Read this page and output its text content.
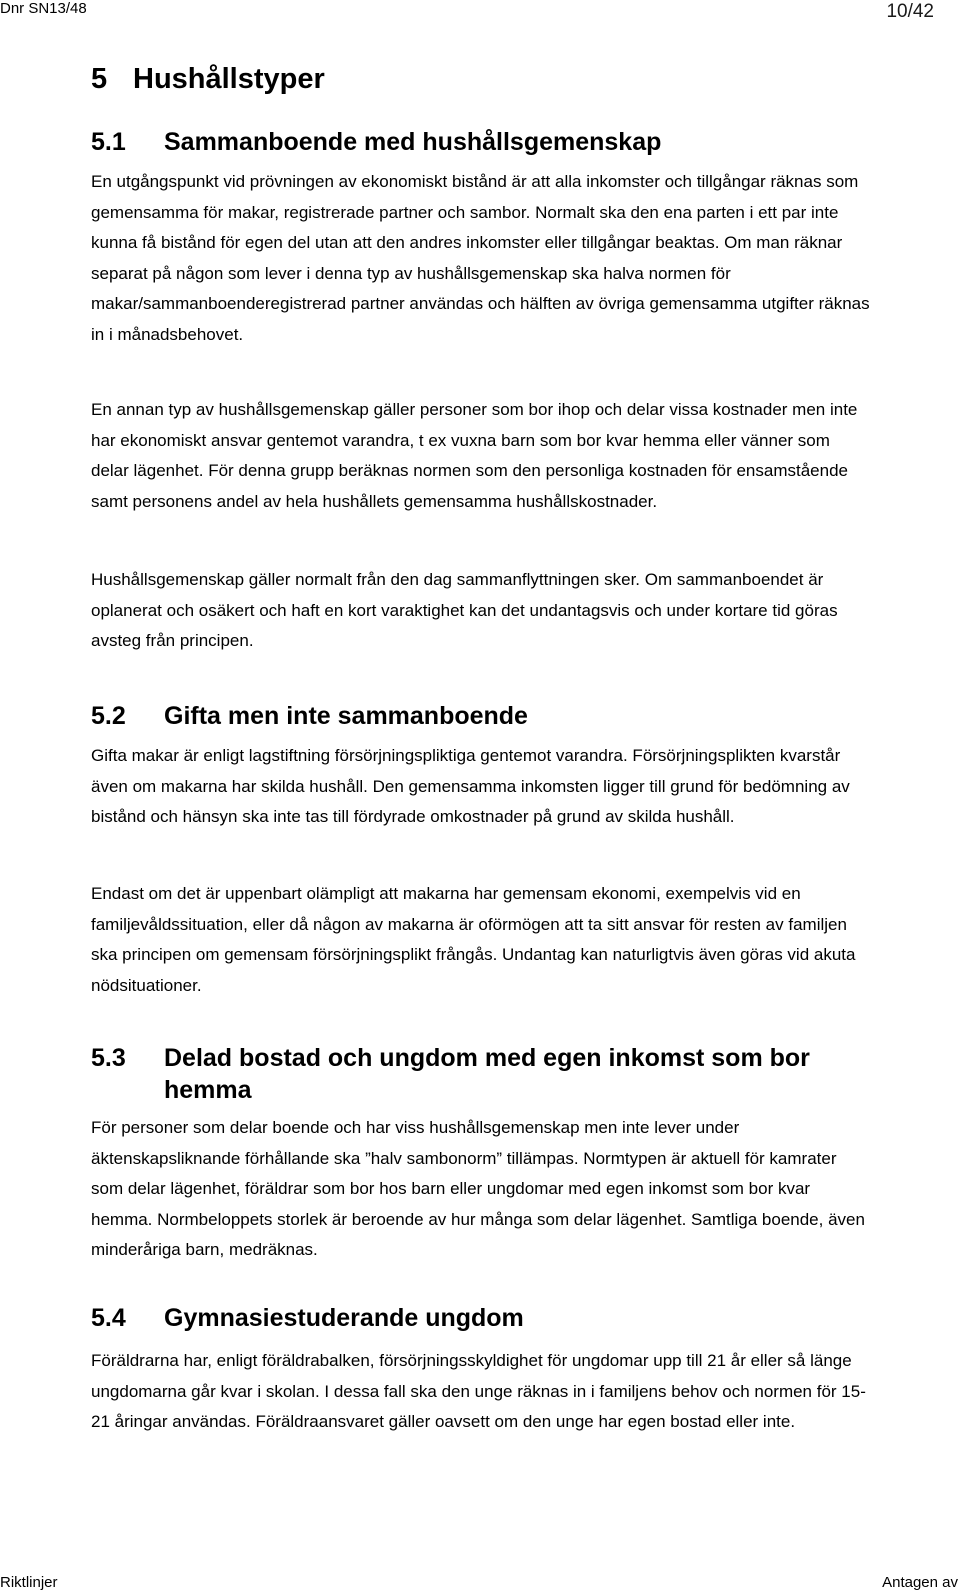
Dnr SN13/48	10/42
5 Hushållstyper
5.1	Sammanboende med hushållsgemenskap

En utgångspunkt vid prövningen av ekonomiskt bistånd är att alla inkomster och tillgångar räknas som gemensamma för makar, registrerade partner och sambor. Normalt ska den ena parten i ett par inte kunna få bistånd för egen del utan att den andres inkomster eller tillgångar beaktas. Om man räknar separat på någon som lever i denna typ av hushållsgemenskap ska halva normen för makar/sammanboenderegistrerad partner användas och hälften av övriga gemensamma utgifter räknas in i månadsbehovet.

En annan typ av hushållsgemenskap gäller personer som bor ihop och delar vissa kostnader men inte har ekonomiskt ansvar gentemot varandra, t ex vuxna barn som bor kvar hemma eller vänner som delar lägenhet. För denna grupp beräknas normen som den personliga kostnaden för ensamstående samt personens andel av hela hushållets gemensamma hushållskostnader.

Hushållsgemenskap gäller normalt från den dag sammanflyttningen sker. Om sammanboendet är oplanerat och osäkert och haft en kort varaktighet kan det undantagsvis och under kortare tid göras avsteg från principen.

5.2	Gifta men inte sammanboende

Gifta makar är enligt lagstiftning försörjningspliktiga gentemot varandra. Försörjningsplikten kvarstår även om makarna har skilda hushåll. Den gemensamma inkomsten ligger till grund för bedömning av bistånd och hänsyn ska inte tas till fördyrade omkostnader på grund av skilda hushåll.

Endast om det är uppenbart olämpligt att makarna har gemensam ekonomi, exempelvis vid en familjevåldssituation, eller då någon av makarna är oförmögen att ta sitt ansvar för resten av familjen ska principen om gemensam försörjningsplikt frångås. Undantag kan naturligtvis även göras vid akuta nödsituationer.

5.3	Delad bostad och ungdom med egen inkomst som bor hemma

För personer som delar boende och har viss hushållsgemenskap men inte lever under äktenskapsliknande förhållande ska ”halv sambonorm” tillämpas. Normtypen är aktuell för kamrater som delar lägenhet, föräldrar som bor hos barn eller ungdomar med egen inkomst som bor kvar hemma. Normbeloppets storlek är beroende av hur många som delar lägenhet. Samtliga boende, även minderåriga barn, medräknas.

5.4	Gymnasiestuderande ungdom

Föräldrarna har, enligt föräldrabalken, försörjningsskyldighet för ungdomar upp till 21 år eller så länge ungdomarna går kvar i skolan. I dessa fall ska den unge räknas in i familjens behov och normen för 15-21 åringar användas. Föräldraansvaret gäller oavsett om den unge har egen bostad eller inte.

Riktlinjer	Antagen av
